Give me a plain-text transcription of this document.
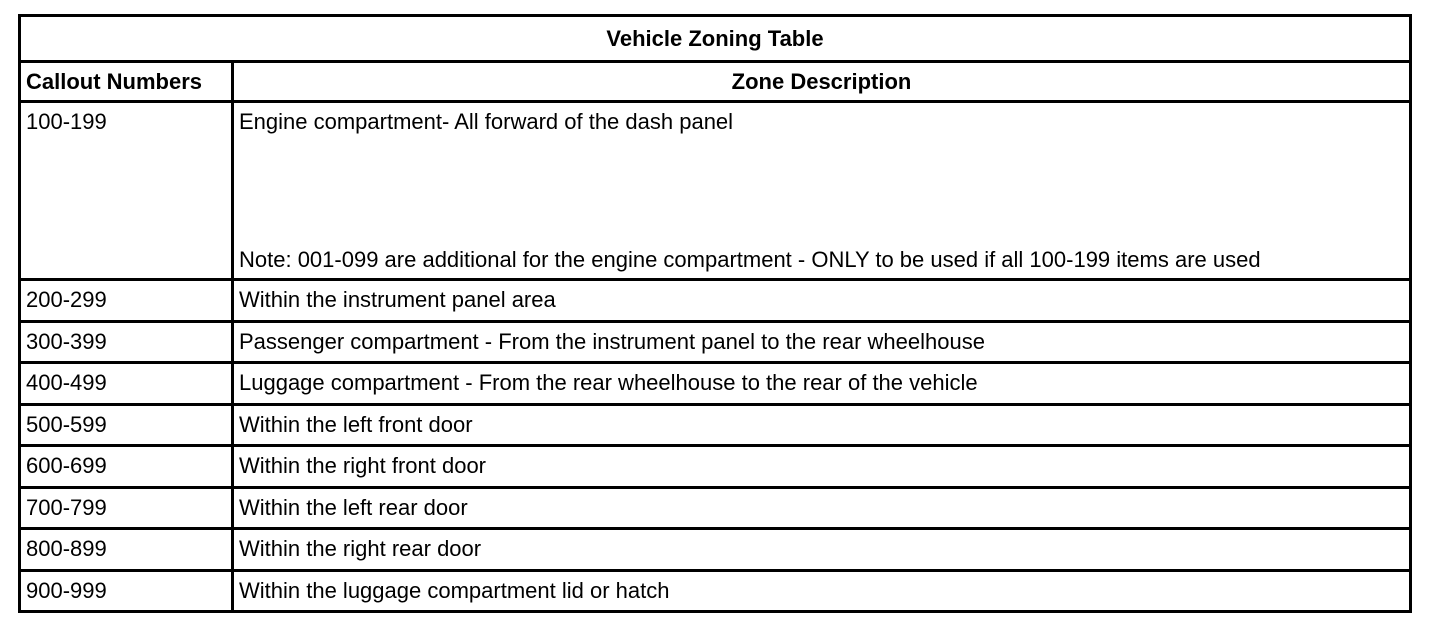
Vehicle Zoning Table	
Callout Numbers	Zone Description

100-199	Engine compartment- All forward of the dash panel
Note: 001-099 are additional for the engine compartment - ONLY to be used if all 100-199 items are used

200-299	Within the instrument panel area
300-399	Passenger compartment - From the instrument panel to the rear wheelhouse
400-499	Luggage compartment - From the rear wheelhouse to the rear of the vehicle
500-599	Within the left front door
600-699	Within the right front door
700-799	Within the left rear door
800-899	Within the right rear door
900-999	Within the luggage compartment lid or hatch
